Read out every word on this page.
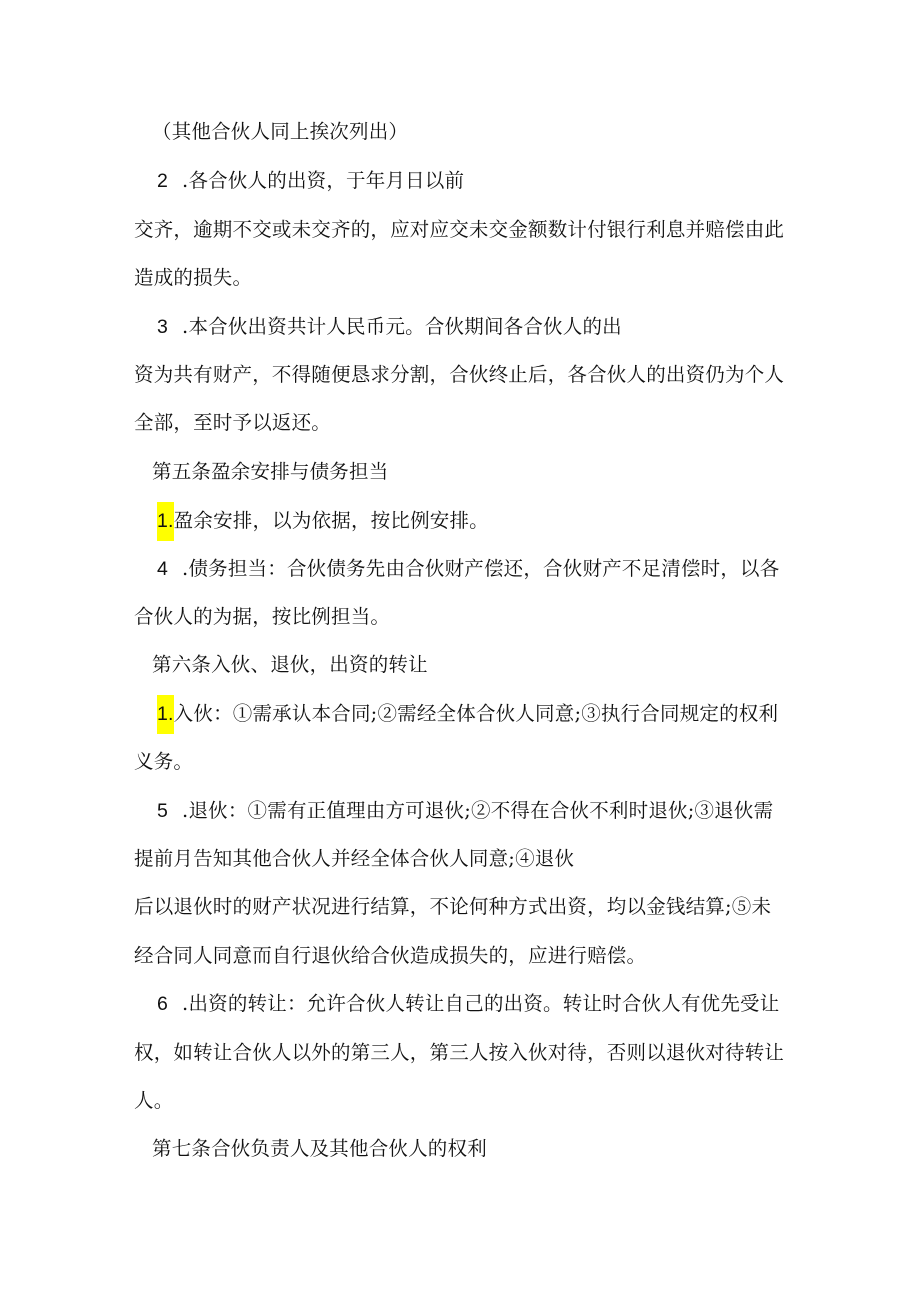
（其他合伙人同上挨次列出）
2 .各合伙人的出资，于年月日以前
交齐，逾期不交或未交齐的，应对应交未交金额数计付银行利息并赔偿由此
造成的损失。
3 .本合伙出资共计人民币元。合伙期间各合伙人的出
资为共有财产，不得随便恳求分割，合伙终止后，各合伙人的出资仍为个人
全部，至时予以返还。
第五条盈余安排与债务担当
1.盈余安排，以为依据，按比例安排。
4 .债务担当：合伙债务先由合伙财产偿还，合伙财产不足清偿时，以各
合伙人的为据，按比例担当。
第六条入伙、退伙，出资的转让
1.入伙：①需承认本合同;②需经全体合伙人同意;③执行合同规定的权利
义务。
5 .退伙：①需有正值理由方可退伙;②不得在合伙不利时退伙;③退伙需
提前月告知其他合伙人并经全体合伙人同意;④退伙
后以退伙时的财产状况进行结算，不论何种方式出资，均以金钱结算;⑤未
经合同人同意而自行退伙给合伙造成损失的，应进行赔偿。
6 .出资的转让：允许合伙人转让自己的出资。转让时合伙人有优先受让
权，如转让合伙人以外的第三人，第三人按入伙对待，否则以退伙对待转让
人。
第七条合伙负责人及其他合伙人的权利
